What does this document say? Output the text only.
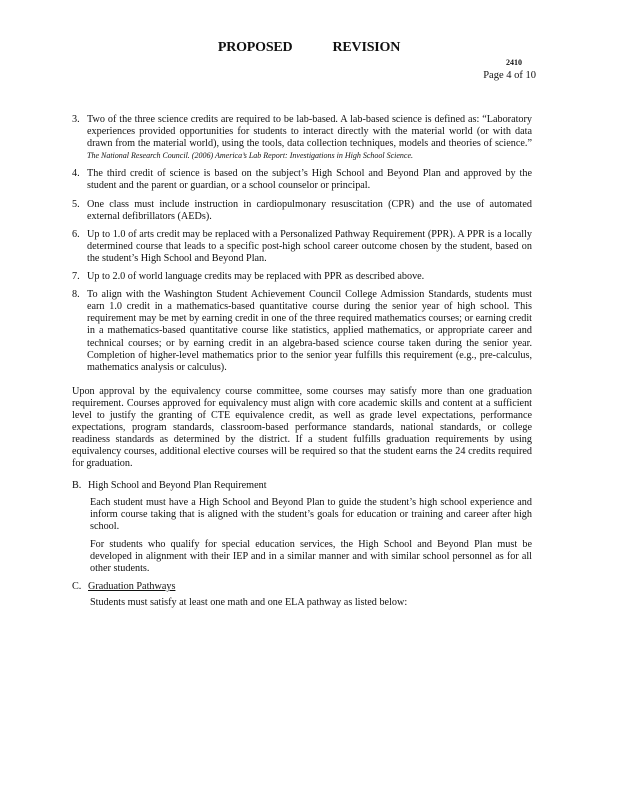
PROPOSED	REVISION
2410
Page 4 of 10
3. Two of the three science credits are required to be lab-based. A lab-based science is defined as: “Laboratory experiences provided opportunities for students to interact directly with the material world (or with data drawn from the material world), using the tools, data collection techniques, models and theories of science.” The National Research Council. (2006) America’s Lab Report: Investigations in High School Science.
4. The third credit of science is based on the subject’s High School and Beyond Plan and approved by the student and the parent or guardian, or a school counselor or principal.
5. One class must include instruction in cardiopulmonary resuscitation (CPR) and the use of automated external defibrillators (AEDs).
6. Up to 1.0 of arts credit may be replaced with a Personalized Pathway Requirement (PPR). A PPR is a locally determined course that leads to a specific post-high school career outcome chosen by the student, based on the student’s High School and Beyond Plan.
7. Up to 2.0 of world language credits may be replaced with PPR as described above.
8. To align with the Washington Student Achievement Council College Admission Standards, students must earn 1.0 credit in a mathematics-based quantitative course during the senior year of high school. This requirement may be met by earning credit in one of the three required mathematics courses; or earning credit in a mathematics-based quantitative course like statistics, applied mathematics, or appropriate career and technical courses; or by earning credit in an algebra-based science course taken during the senior year. Completion of higher-level mathematics prior to the senior year fulfills this requirement (e.g., pre-calculus, mathematics analysis or calculus).
Upon approval by the equivalency course committee, some courses may satisfy more than one graduation requirement. Courses approved for equivalency must align with core academic skills and content at a sufficient level to justify the granting of CTE equivalence credit, as well as grade level expectations, performance expectations, program standards, classroom-based performance standards, national standards, or college readiness standards as determined by the district. If a student fulfills graduation requirements by using equivalency courses, additional elective courses will be required so that the student earns the 24 credits required for graduation.
B. High School and Beyond Plan Requirement
Each student must have a High School and Beyond Plan to guide the student’s high school experience and inform course taking that is aligned with the student’s goals for education or training and career after high school.
For students who qualify for special education services, the High School and Beyond Plan must be developed in alignment with their IEP and in a similar manner and with similar school personnel as for all other students.
C. Graduation Pathways
Students must satisfy at least one math and one ELA pathway as listed below:
